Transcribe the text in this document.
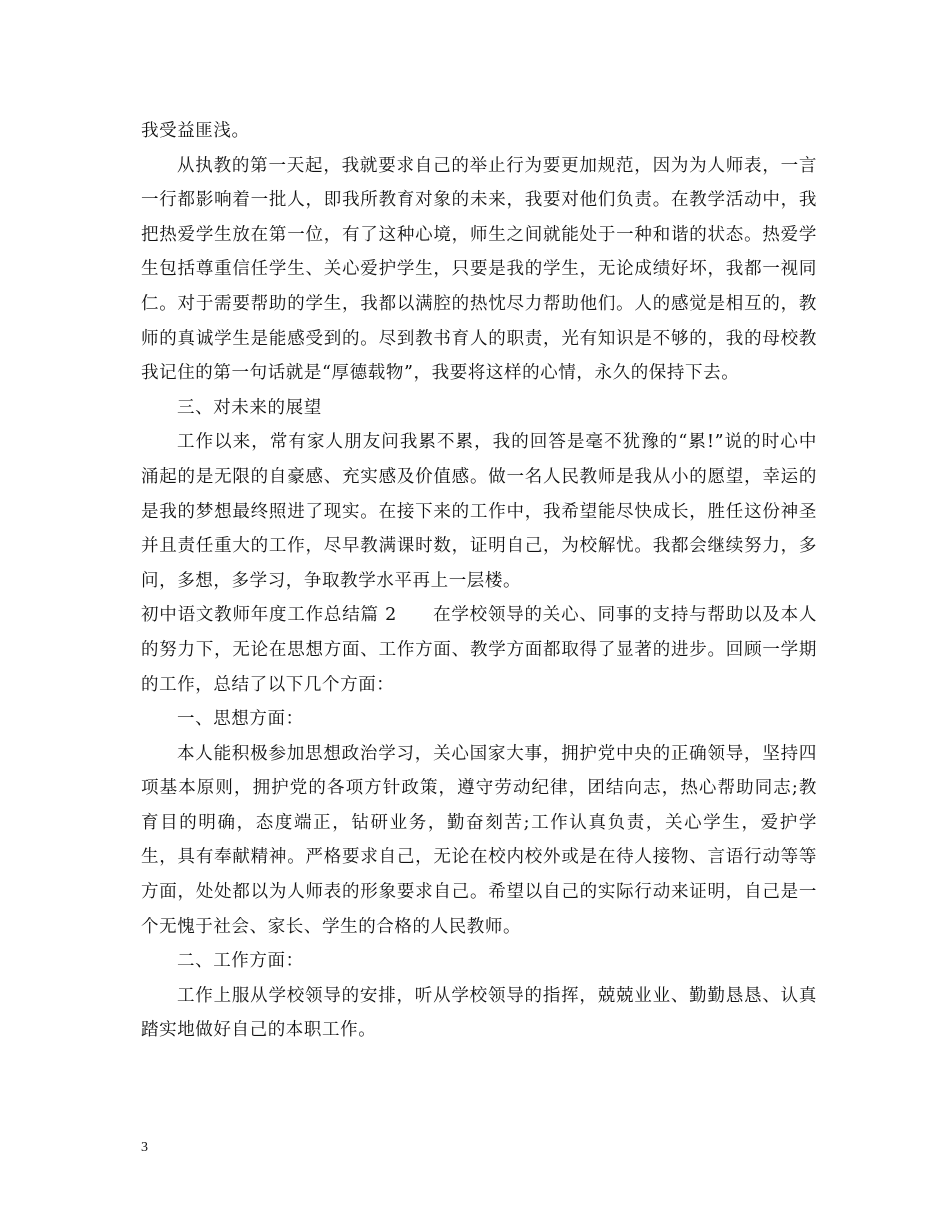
我受益匪浅。

从执教的第一天起，我就要求自己的举止行为要更加规范，因为为人师表，一言一行都影响着一批人，即我所教育对象的未来，我要对他们负责。在教学活动中，我把热爱学生放在第一位，有了这种心境，师生之间就能处于一种和谐的状态。热爱学生包括尊重信任学生、关心爱护学生，只要是我的学生，无论成绩好坏，我都一视同仁。对于需要帮助的学生，我都以满腔的热忱尽力帮助他们。人的感觉是相互的，教师的真诚学生是能感受到的。尽到教书育人的职责，光有知识是不够的，我的母校教我记住的第一句话就是“厚德载物”，我要将这样的心情，永久的保持下去。

三、对未来的展望

工作以来，常有家人朋友问我累不累，我的回答是毫不犹豫的“累!”说的时心中涌起的是无限的自豪感、充实感及价值感。做一名人民教师是我从小的愿望，幸运的是我的梦想最终照进了现实。在接下来的工作中，我希望能尽快成长，胜任这份神圣并且责任重大的工作，尽早教满课时数，证明自己，为校解忧。我都会继续努力，多问，多想，多学习，争取教学水平再上一层楼。

初中语文教师年度工作总结篇 2 在学校领导的关心、同事的支持与帮助以及本人的努力下，无论在思想方面、工作方面、教学方面都取得了显著的进步。回顾一学期的工作，总结了以下几个方面：

一、思想方面：

本人能积极参加思想政治学习，关心国家大事，拥护党中央的正确领导，坚持四项基本原则，拥护党的各项方针政策，遵守劳动纪律，团结向志，热心帮助同志;教育目的明确，态度端正，钻研业务，勤奋刻苦;工作认真负责，关心学生，爱护学生，具有奉献精神。严格要求自己，无论在校内校外或是在待人接物、言语行动等等方面，处处都以为人师表的形象要求自己。希望以自己的实际行动来证明，自己是一个无愧于社会、家长、学生的合格的人民教师。

二、工作方面：

工作上服从学校领导的安排，听从学校领导的指挥，兢兢业业、勤勤恳恳、认真踏实地做好自己的本职工作。

3
